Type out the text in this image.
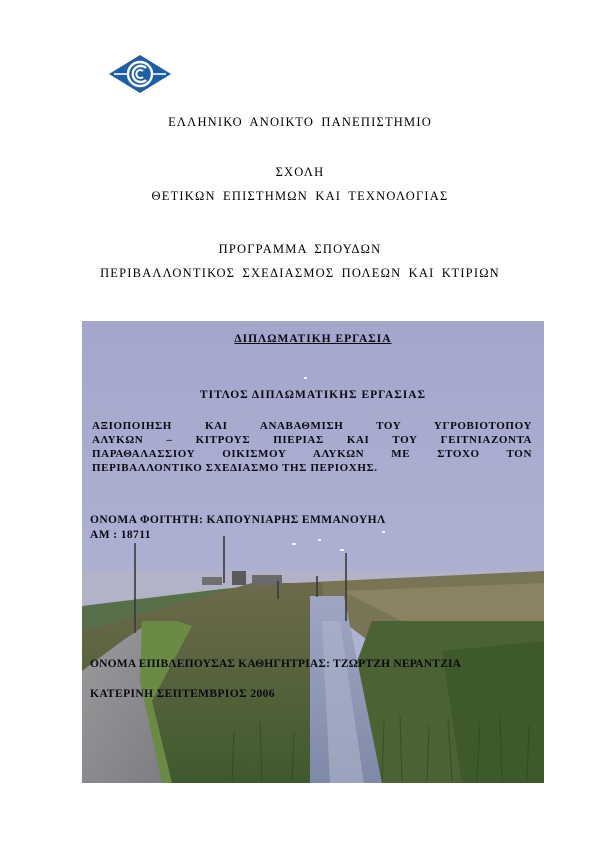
ΕΛΛΗΝΙΚΟ ΑΝΟΙΚΤΟ ΠΑΝΕΠΙΣΤΗΜΙΟ
ΣΧΟΛΗ
ΘΕΤΙΚΩΝ ΕΠΙΣΤΗΜΩΝ ΚΑΙ ΤΕΧΝΟΛΟΓΙΑΣ
ΠΡΟΓΡΑΜΜΑ ΣΠΟΥΔΩΝ
ΠΕΡΙΒΑΛΛΟΝΤΙΚΟΣ ΣΧΕΔΙΑΣΜΟΣ ΠΟΛΕΩΝ ΚΑΙ ΚΤΙΡΙΩΝ
ΔΙΠΛΩΜΑΤΙΚΗ ΕΡΓΑΣΙΑ
ΤΙΤΛΟΣ ΔΙΠΛΩΜΑΤΙΚΗΣ ΕΡΓΑΣΙΑΣ
ΑΞΙΟΠΟΙΗΣΗ ΚΑΙ ΑΝΑΒΑΘΜΙΣΗ ΤΟΥ ΥΓΡΟΒΙΟΤΟΠΟΥ
ΑΛΥΚΩΝ – ΚΙΤΡΟΥΣ ΠΙΕΡΙΑΣ ΚΑΙ ΤΟΥ ΓΕΙΤΝΙΑΖΟΝΤΑ
ΠΑΡΑΘΑΛΑΣΣΙΟΥ ΟΙΚΙΣΜΟΥ ΑΛΥΚΩΝ ΜΕ ΣΤΟΧΟ ΤΟΝ
ΠΕΡΙΒΑΛΛΟΝΤΙΚΟ ΣΧΕΔΙΑΣΜΟ ΤΗΣ ΠΕΡΙΟΧΗΣ.
ΟΝΟΜΑ ΦΟΙΤΗΤΗ: ΚΑΠΟΥΝΙΑΡΗΣ ΕΜΜΑΝΟΥΗΛ
ΑΜ : 18711
ΟΝΟΜΑ ΕΠΙΒΛΕΠΟΥΣΑΣ ΚΑΘΗΓΗΤΡΙΑΣ: ΤΖΩΡΤΖΗ ΝΕΡΑΝΤΖΙΑ
ΚΑΤΕΡΙΝΗ ΣΕΠΤΕΜΒΡΙΟΣ 2006
